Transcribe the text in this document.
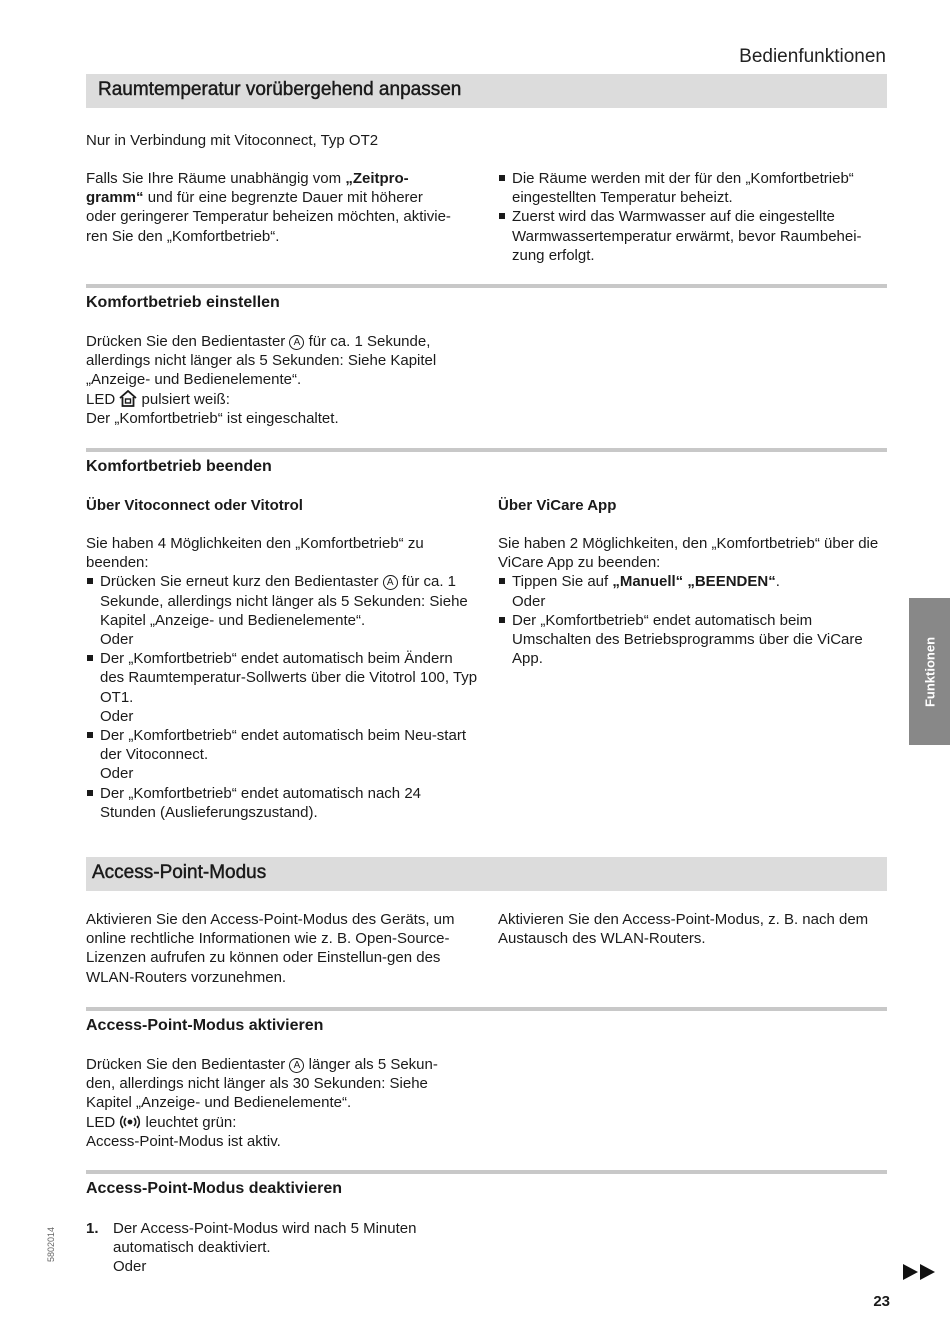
Bedienfunktionen
Raumtemperatur vorübergehend anpassen

Nur in Verbindung mit Vitoconnect, Typ OT2

Falls Sie Ihre Räume unabhängig vom „Zeitpro-
gramm“ und für eine begrenzte Dauer mit höherer
oder geringerer Temperatur beheizen möchten, aktivie-
ren Sie den „Komfortbetrieb“.
Die Räume werden mit der für den „Komfortbetrieb“ eingestellten Temperatur beheizt.
Zuerst wird das Warmwasser auf die eingestellte Warmwassertemperatur erwärmt, bevor Raumbehei-zung erfolgt.
Komfortbetrieb einstellen
Drücken Sie den Bedientaster A für ca. 1 Sekunde,
allerdings nicht länger als 5 Sekunden: Siehe Kapitel
„Anzeige- und Bedienelemente“.
LED  pulsiert weiß:
Der „Komfortbetrieb“ ist eingeschaltet.
Komfortbetrieb beenden
Über Vitoconnect oder Vitotrol

Sie haben 4 Möglichkeiten den „Komfortbetrieb“ zu beenden:

Drücken Sie erneut kurz den Bedientaster A für ca. 1 Sekunde, allerdings nicht länger als 5 Sekunden: Siehe Kapitel „Anzeige- und Bedienelemente“.
Oder
Der „Komfortbetrieb“ endet automatisch beim Ändern des Raumtemperatur-Sollwerts über die Vitotrol 100, Typ OT1.
Oder
Der „Komfortbetrieb“ endet automatisch beim Neu-start der Vitoconnect.
Oder
Der „Komfortbetrieb“ endet automatisch nach 24 Stunden (Auslieferungszustand).
Über ViCare App

Sie haben 2 Möglichkeiten, den „Komfortbetrieb“ über die ViCare App zu beenden:

Tippen Sie auf „Manuell“ „BEENDEN“.
Oder
Der „Komfortbetrieb“ endet automatisch beim Umschalten des Betriebsprogramms über die ViCare App.
Access-Point-Modus

Aktivieren Sie den Access-Point-Modus des Geräts, um online rechtliche Informationen wie z. B. Open-Source-Lizenzen aufrufen zu können oder Einstellun-gen des WLAN-Routers vorzunehmen.

Aktivieren Sie den Access-Point-Modus, z. B. nach dem Austausch des WLAN-Routers.

Access-Point-Modus aktivieren
Drücken Sie den Bedientaster A länger als 5 Sekun-
den, allerdings nicht länger als 30 Sekunden: Siehe
Kapitel „Anzeige- und Bedienelemente“.
LED  leuchtet grün:
Access-Point-Modus ist aktiv.
Access-Point-Modus deaktivieren
1. Der Access-Point-Modus wird nach 5 Minuten
automatisch deaktiviert.
Oder
Funktionen
5802014
23
